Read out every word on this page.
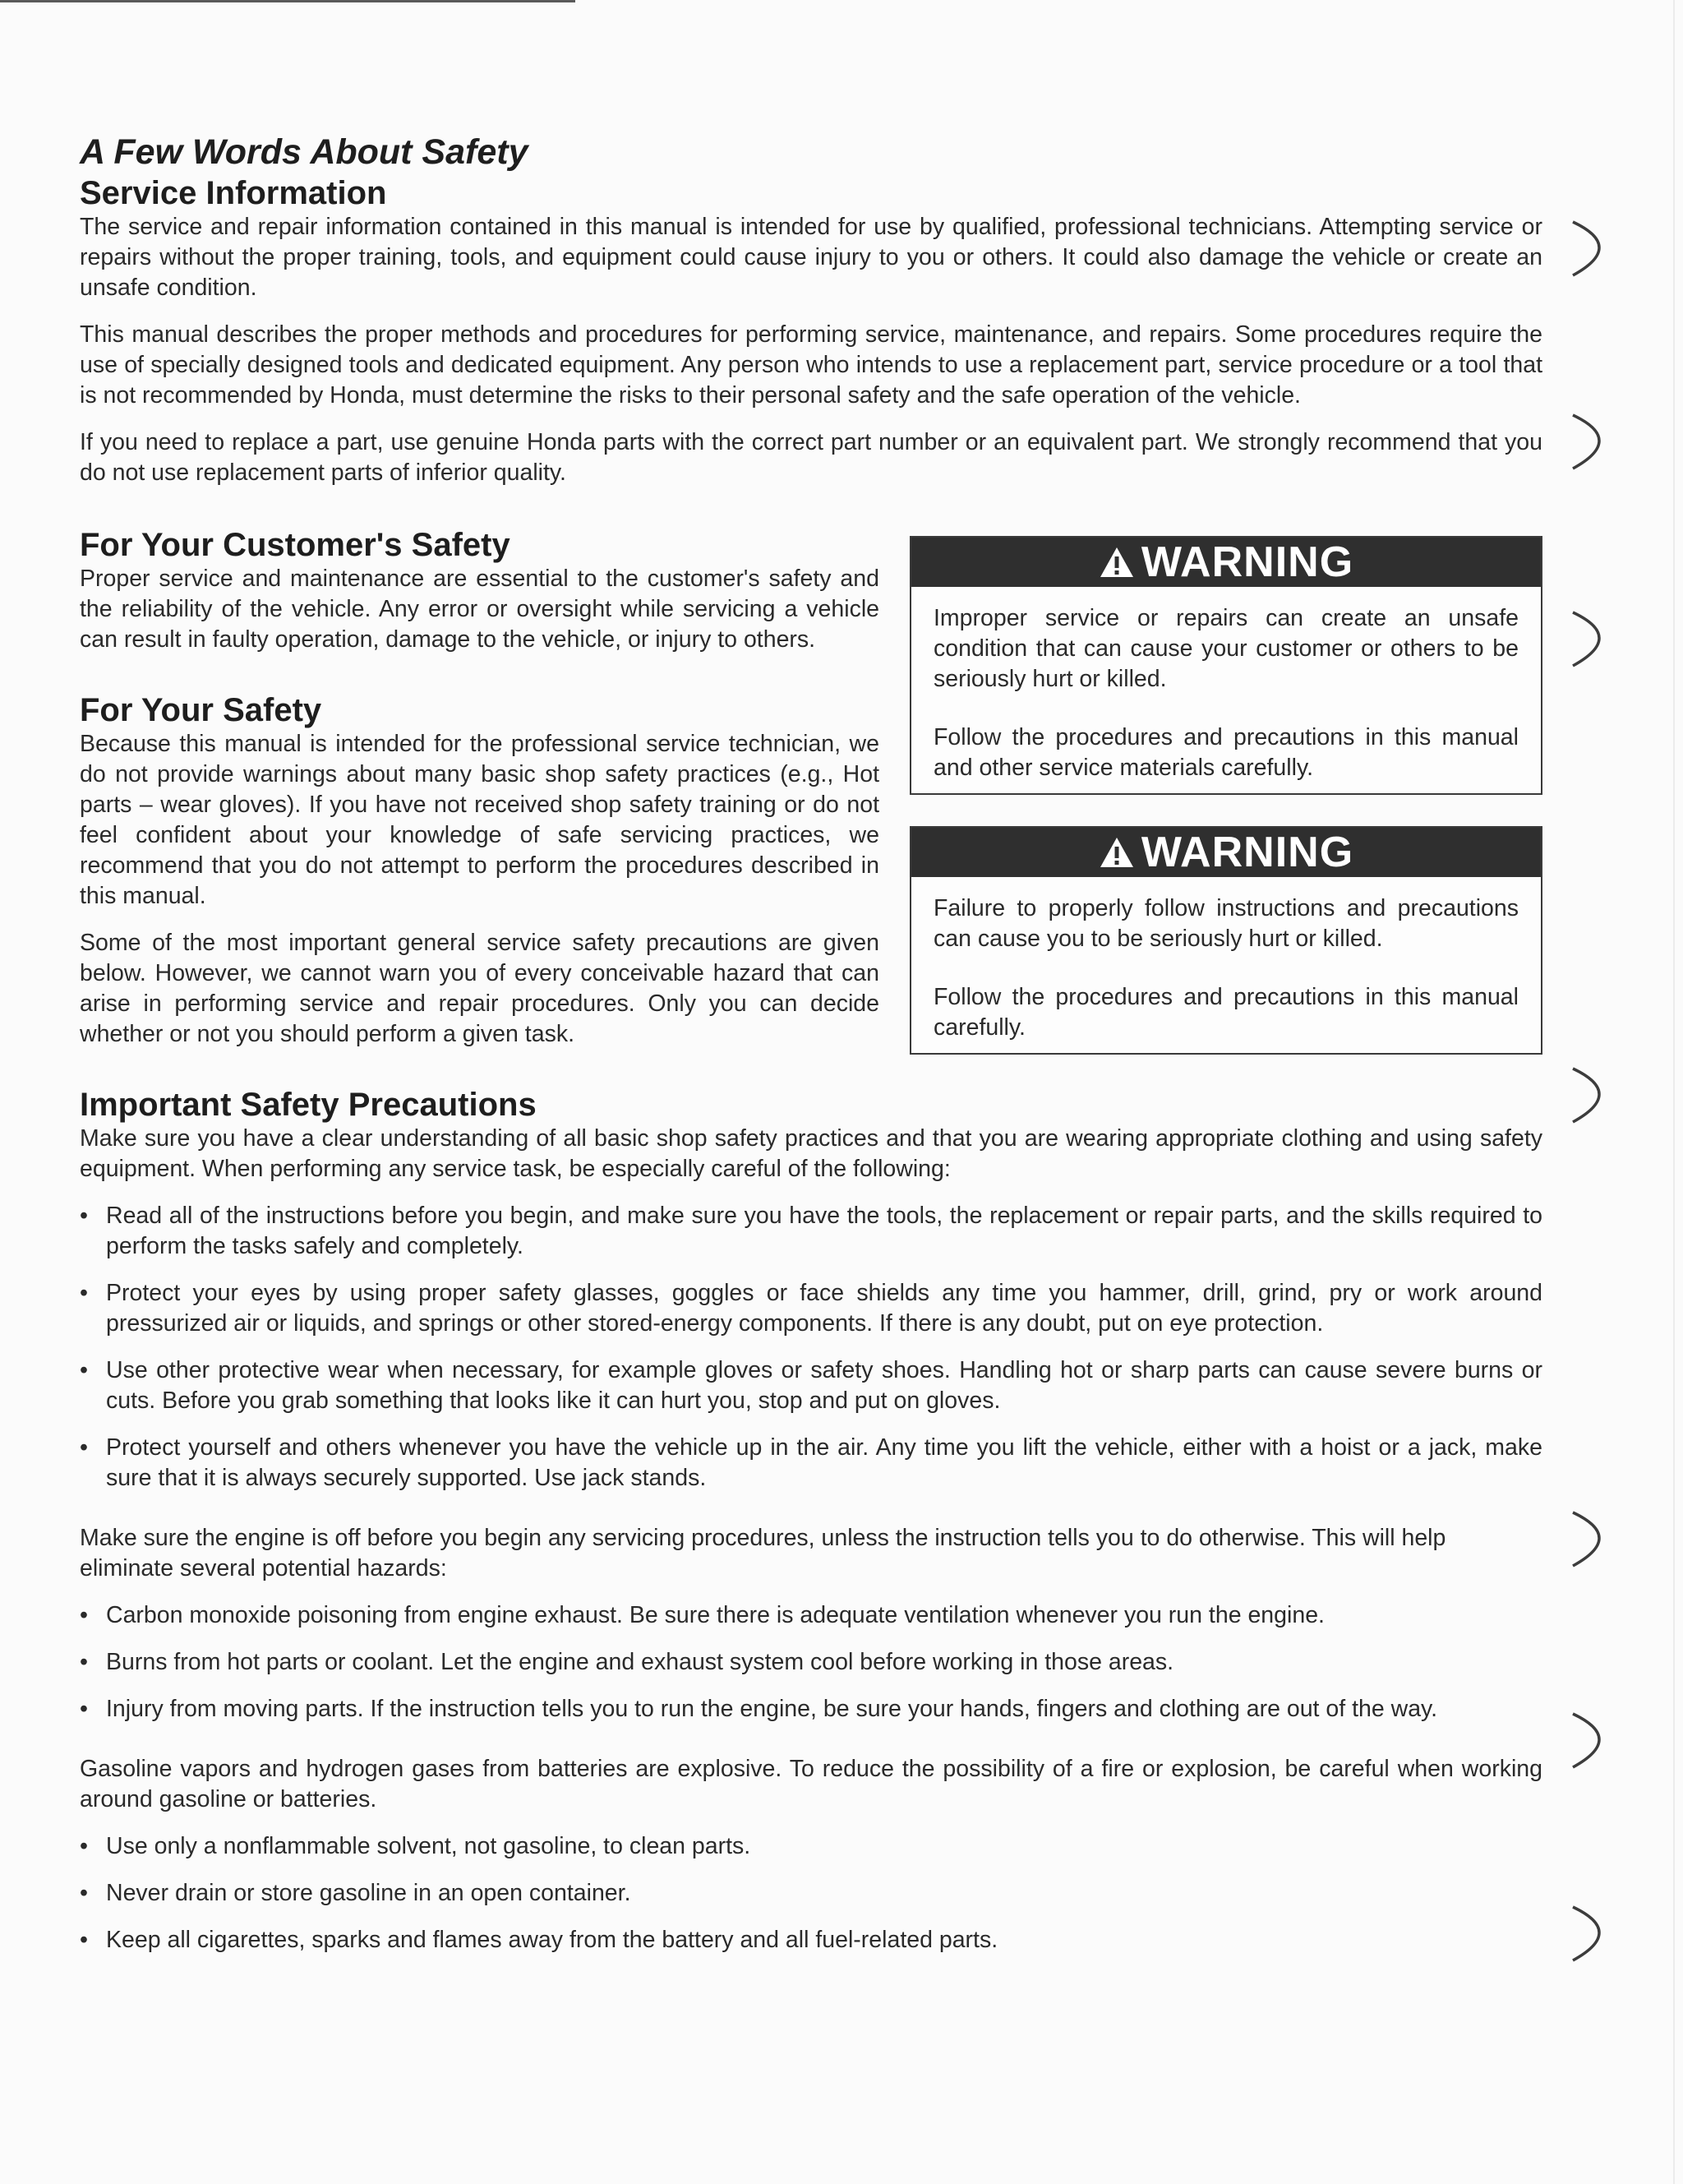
A Few Words About Safety
Service Information

The service and repair information contained in this manual is intended for use by qualified, professional technicians. Attempting service or repairs without the proper training, tools, and equipment could cause injury to you or others. It could also damage the vehicle or create an unsafe condition.

This manual describes the proper methods and procedures for performing service, maintenance, and repairs. Some procedures require the use of specially designed tools and dedicated equipment. Any person who intends to use a replacement part, service procedure or a tool that is not recommended by Honda, must determine the risks to their personal safety and the safe operation of the vehicle.

If you need to replace a part, use genuine Honda parts with the correct part number or an equivalent part. We strongly recommend that you do not use replacement parts of inferior quality.

For Your Customer's Safety

Proper service and maintenance are essential to the customer's safety and the reliability of the vehicle. Any error or oversight while servicing a vehicle can result in faulty operation, damage to the vehicle, or injury to others.

For Your Safety

Because this manual is intended for the professional service technician, we do not provide warnings about many basic shop safety practices (e.g., Hot parts – wear gloves). If you have not received shop safety training or do not feel confident about your knowledge of safe servicing practices, we recommend that you do not attempt to perform the procedures described in this manual.

Some of the most important general service safety precautions are given below. However, we cannot warn you of every conceivable hazard that can arise in performing service and repair procedures. Only you can decide whether or not you should perform a given task.

WARNING

Improper service or repairs can create an unsafe condition that can cause your customer or others to be seriously hurt or killed.

Follow the procedures and precautions in this manual and other service materials carefully.

WARNING

Failure to properly follow instructions and precautions can cause you to be seriously hurt or killed.

Follow the procedures and precautions in this manual carefully.

Important Safety Precautions

Make sure you have a clear understanding of all basic shop safety practices and that you are wearing appropriate clothing and using safety equipment. When performing any service task, be especially careful of the following:

• Read all of the instructions before you begin, and make sure you have the tools, the replacement or repair parts, and the skills required to perform the tasks safely and completely.
• Protect your eyes by using proper safety glasses, goggles or face shields any time you hammer, drill, grind, pry or work around pressurized air or liquids, and springs or other stored-energy components. If there is any doubt, put on eye protection.
• Use other protective wear when necessary, for example gloves or safety shoes. Handling hot or sharp parts can cause severe burns or cuts. Before you grab something that looks like it can hurt you, stop and put on gloves.
• Protect yourself and others whenever you have the vehicle up in the air. Any time you lift the vehicle, either with a hoist or a jack, make sure that it is always securely supported. Use jack stands.

Make sure the engine is off before you begin any servicing procedures, unless the instruction tells you to do otherwise. This will help eliminate several potential hazards:

• Carbon monoxide poisoning from engine exhaust. Be sure there is adequate ventilation whenever you run the engine.
• Burns from hot parts or coolant. Let the engine and exhaust system cool before working in those areas.
• Injury from moving parts. If the instruction tells you to run the engine, be sure your hands, fingers and clothing are out of the way.

Gasoline vapors and hydrogen gases from batteries are explosive. To reduce the possibility of a fire or explosion, be careful when working around gasoline or batteries.

• Use only a nonflammable solvent, not gasoline, to clean parts.
• Never drain or store gasoline in an open container.
• Keep all cigarettes, sparks and flames away from the battery and all fuel-related parts.
